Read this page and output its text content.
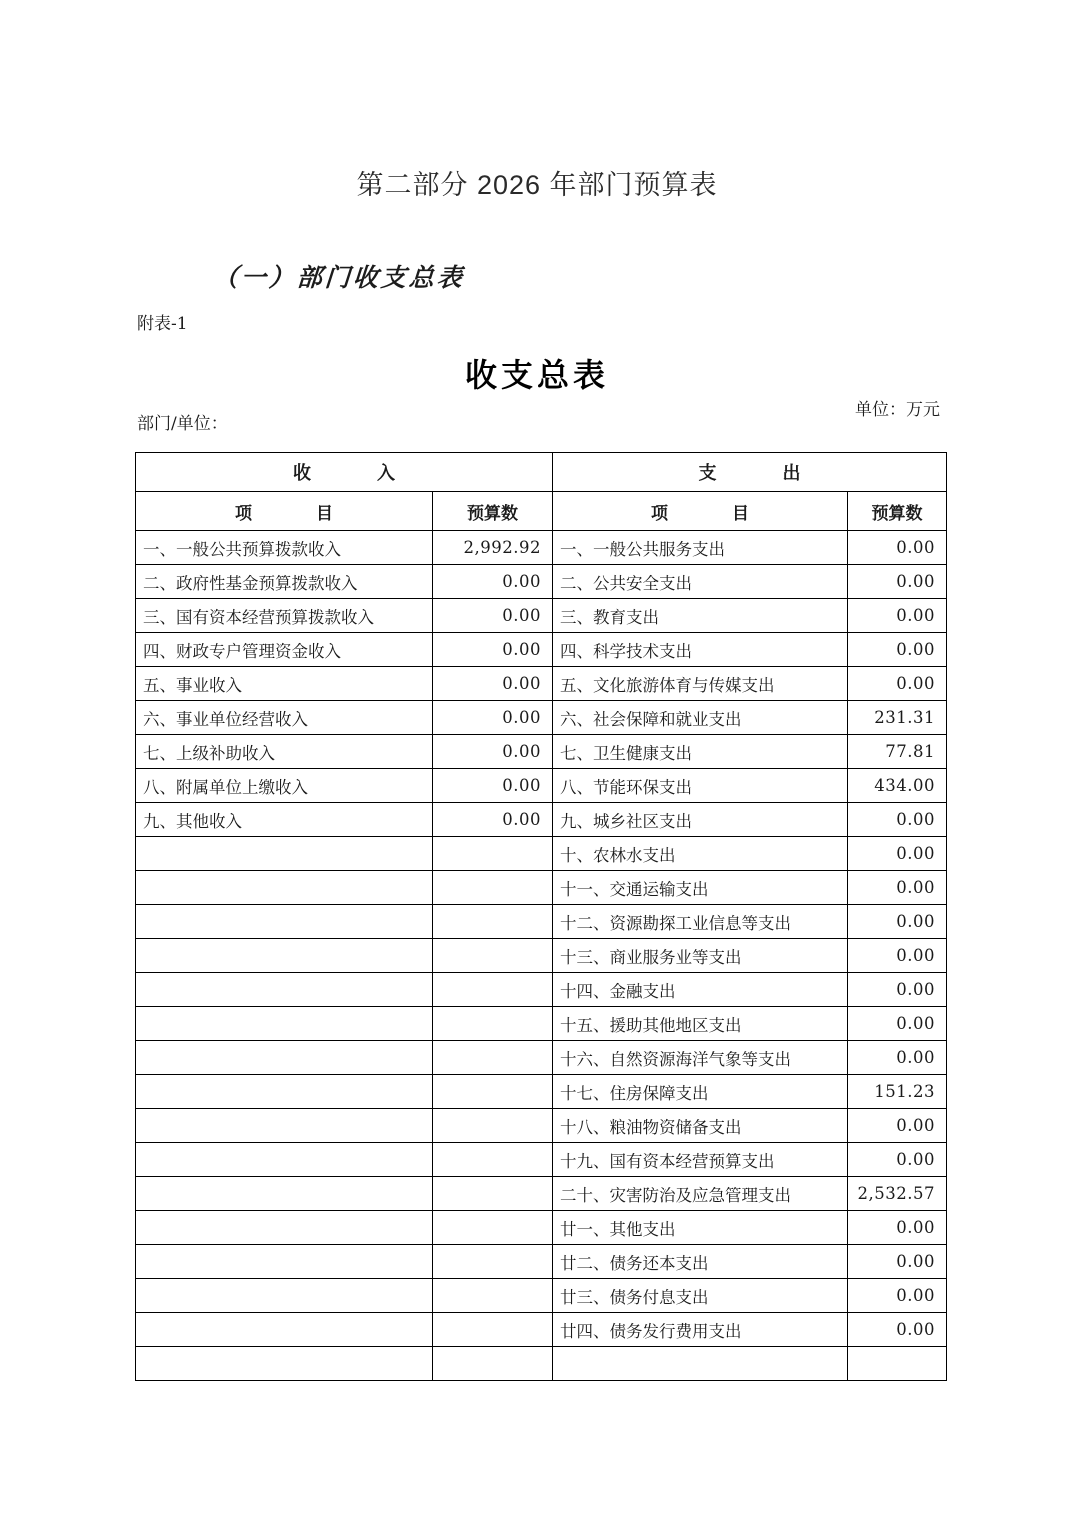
第二部分 2026 年部门预算表
（一）部门收支总表
附表-1
收支总表
部门/单位：
单位：万元
收　　入		支　　出	
项　　目	预算数	项　　目	预算数
一、一般公共预算拨款收入	2,992.92	一、一般公共服务支出	0.00
二、政府性基金预算拨款收入	0.00	二、公共安全支出	0.00
三、国有资本经营预算拨款收入	0.00	三、教育支出	0.00
四、财政专户管理资金收入	0.00	四、科学技术支出	0.00
五、事业收入	0.00	五、文化旅游体育与传媒支出	0.00
六、事业单位经营收入	0.00	六、社会保障和就业支出	231.31
七、上级补助收入	0.00	七、卫生健康支出	77.81
八、附属单位上缴收入	0.00	八、节能环保支出	434.00
九、其他收入	0.00	九、城乡社区支出	0.00
		十、农林水支出	0.00
		十一、交通运输支出	0.00
		十二、资源勘探工业信息等支出	0.00
		十三、商业服务业等支出	0.00
		十四、金融支出	0.00
		十五、援助其他地区支出	0.00
		十六、自然资源海洋气象等支出	0.00
		十七、住房保障支出	151.23
		十八、粮油物资储备支出	0.00
		十九、国有资本经营预算支出	0.00
		二十、灾害防治及应急管理支出	2,532.57
		廿一、其他支出	0.00
		廿二、债务还本支出	0.00
		廿三、债务付息支出	0.00
		廿四、债务发行费用支出	0.00
